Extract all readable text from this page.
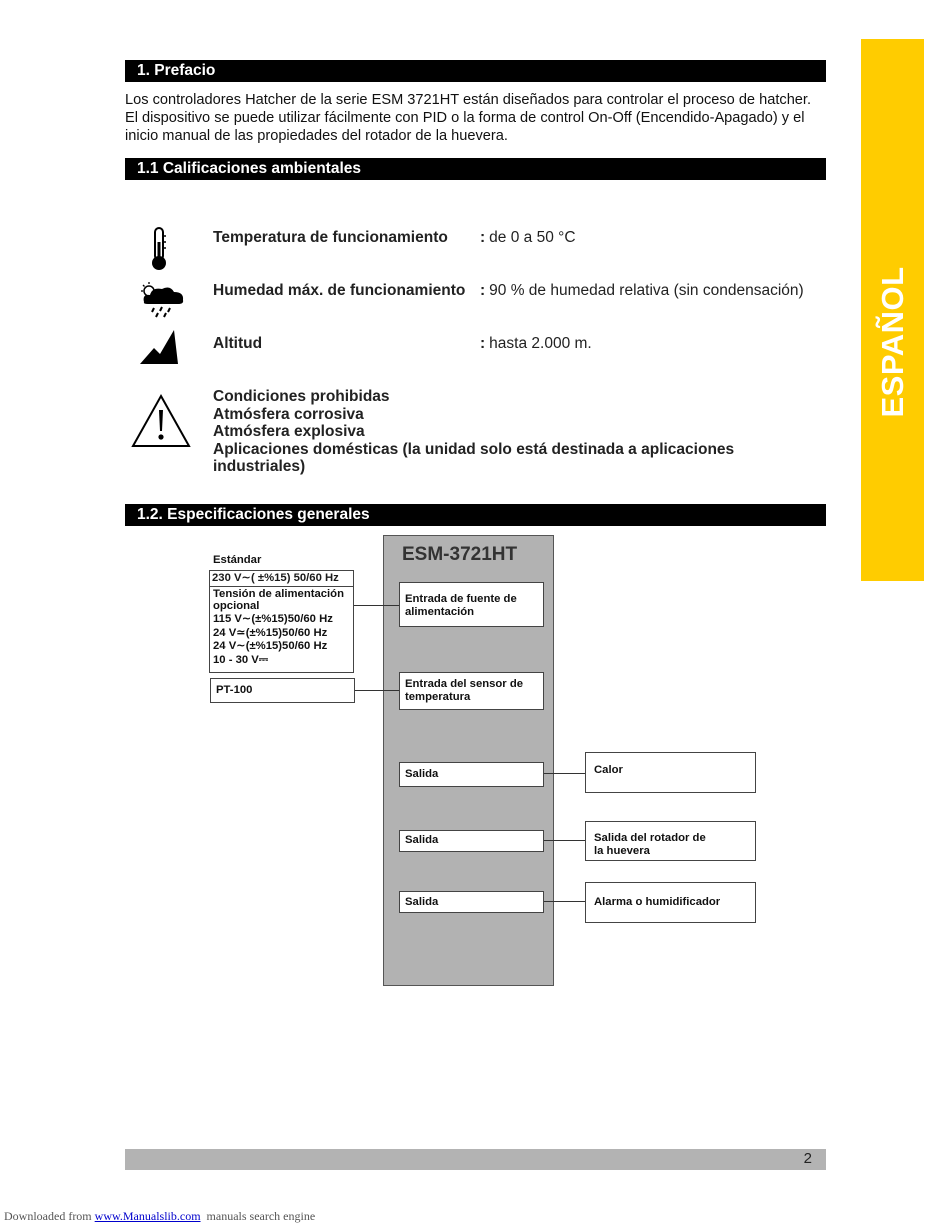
ESPAÑOL
1. Prefacio
Los controladores Hatcher de la serie ESM 3721HT están diseñados para controlar el proceso de hatcher. El dispositivo se puede utilizar fácilmente con PID o la forma de control On-Off (Encendido-Apagado) y el inicio manual de las propiedades del rotador de la huevera.
1.1 Calificaciones ambientales
Temperatura de funcionamiento : de 0 a 50 °C
Humedad máx. de funcionamiento : 90 % de humedad relativa (sin condensación)
Altitud	: hasta 2.000 m.
Condiciones prohibidas
Atmósfera corrosiva
Atmósfera explosiva
Aplicaciones domésticas (la unidad solo está destinada a aplicaciones industriales)
1.2. Especificaciones generales
ESM-3721HT
Estándar
230 V∼( ±%15) 50/60 Hz
Tensión de alimentación
opcional
115 V∼(±%15)50/60 Hz
24 V≃(±%15)50/60 Hz
24 V∼(±%15)50/60 Hz
10 - 30 V⎓
PT-100
Entrada de fuente de alimentación
Entrada del sensor de temperatura
Salida
Salida
Salida
Calor
Salida del rotador de la huevera
Alarma o humidificador
2
Downloaded from www.Manualslib.com manuals search engine
